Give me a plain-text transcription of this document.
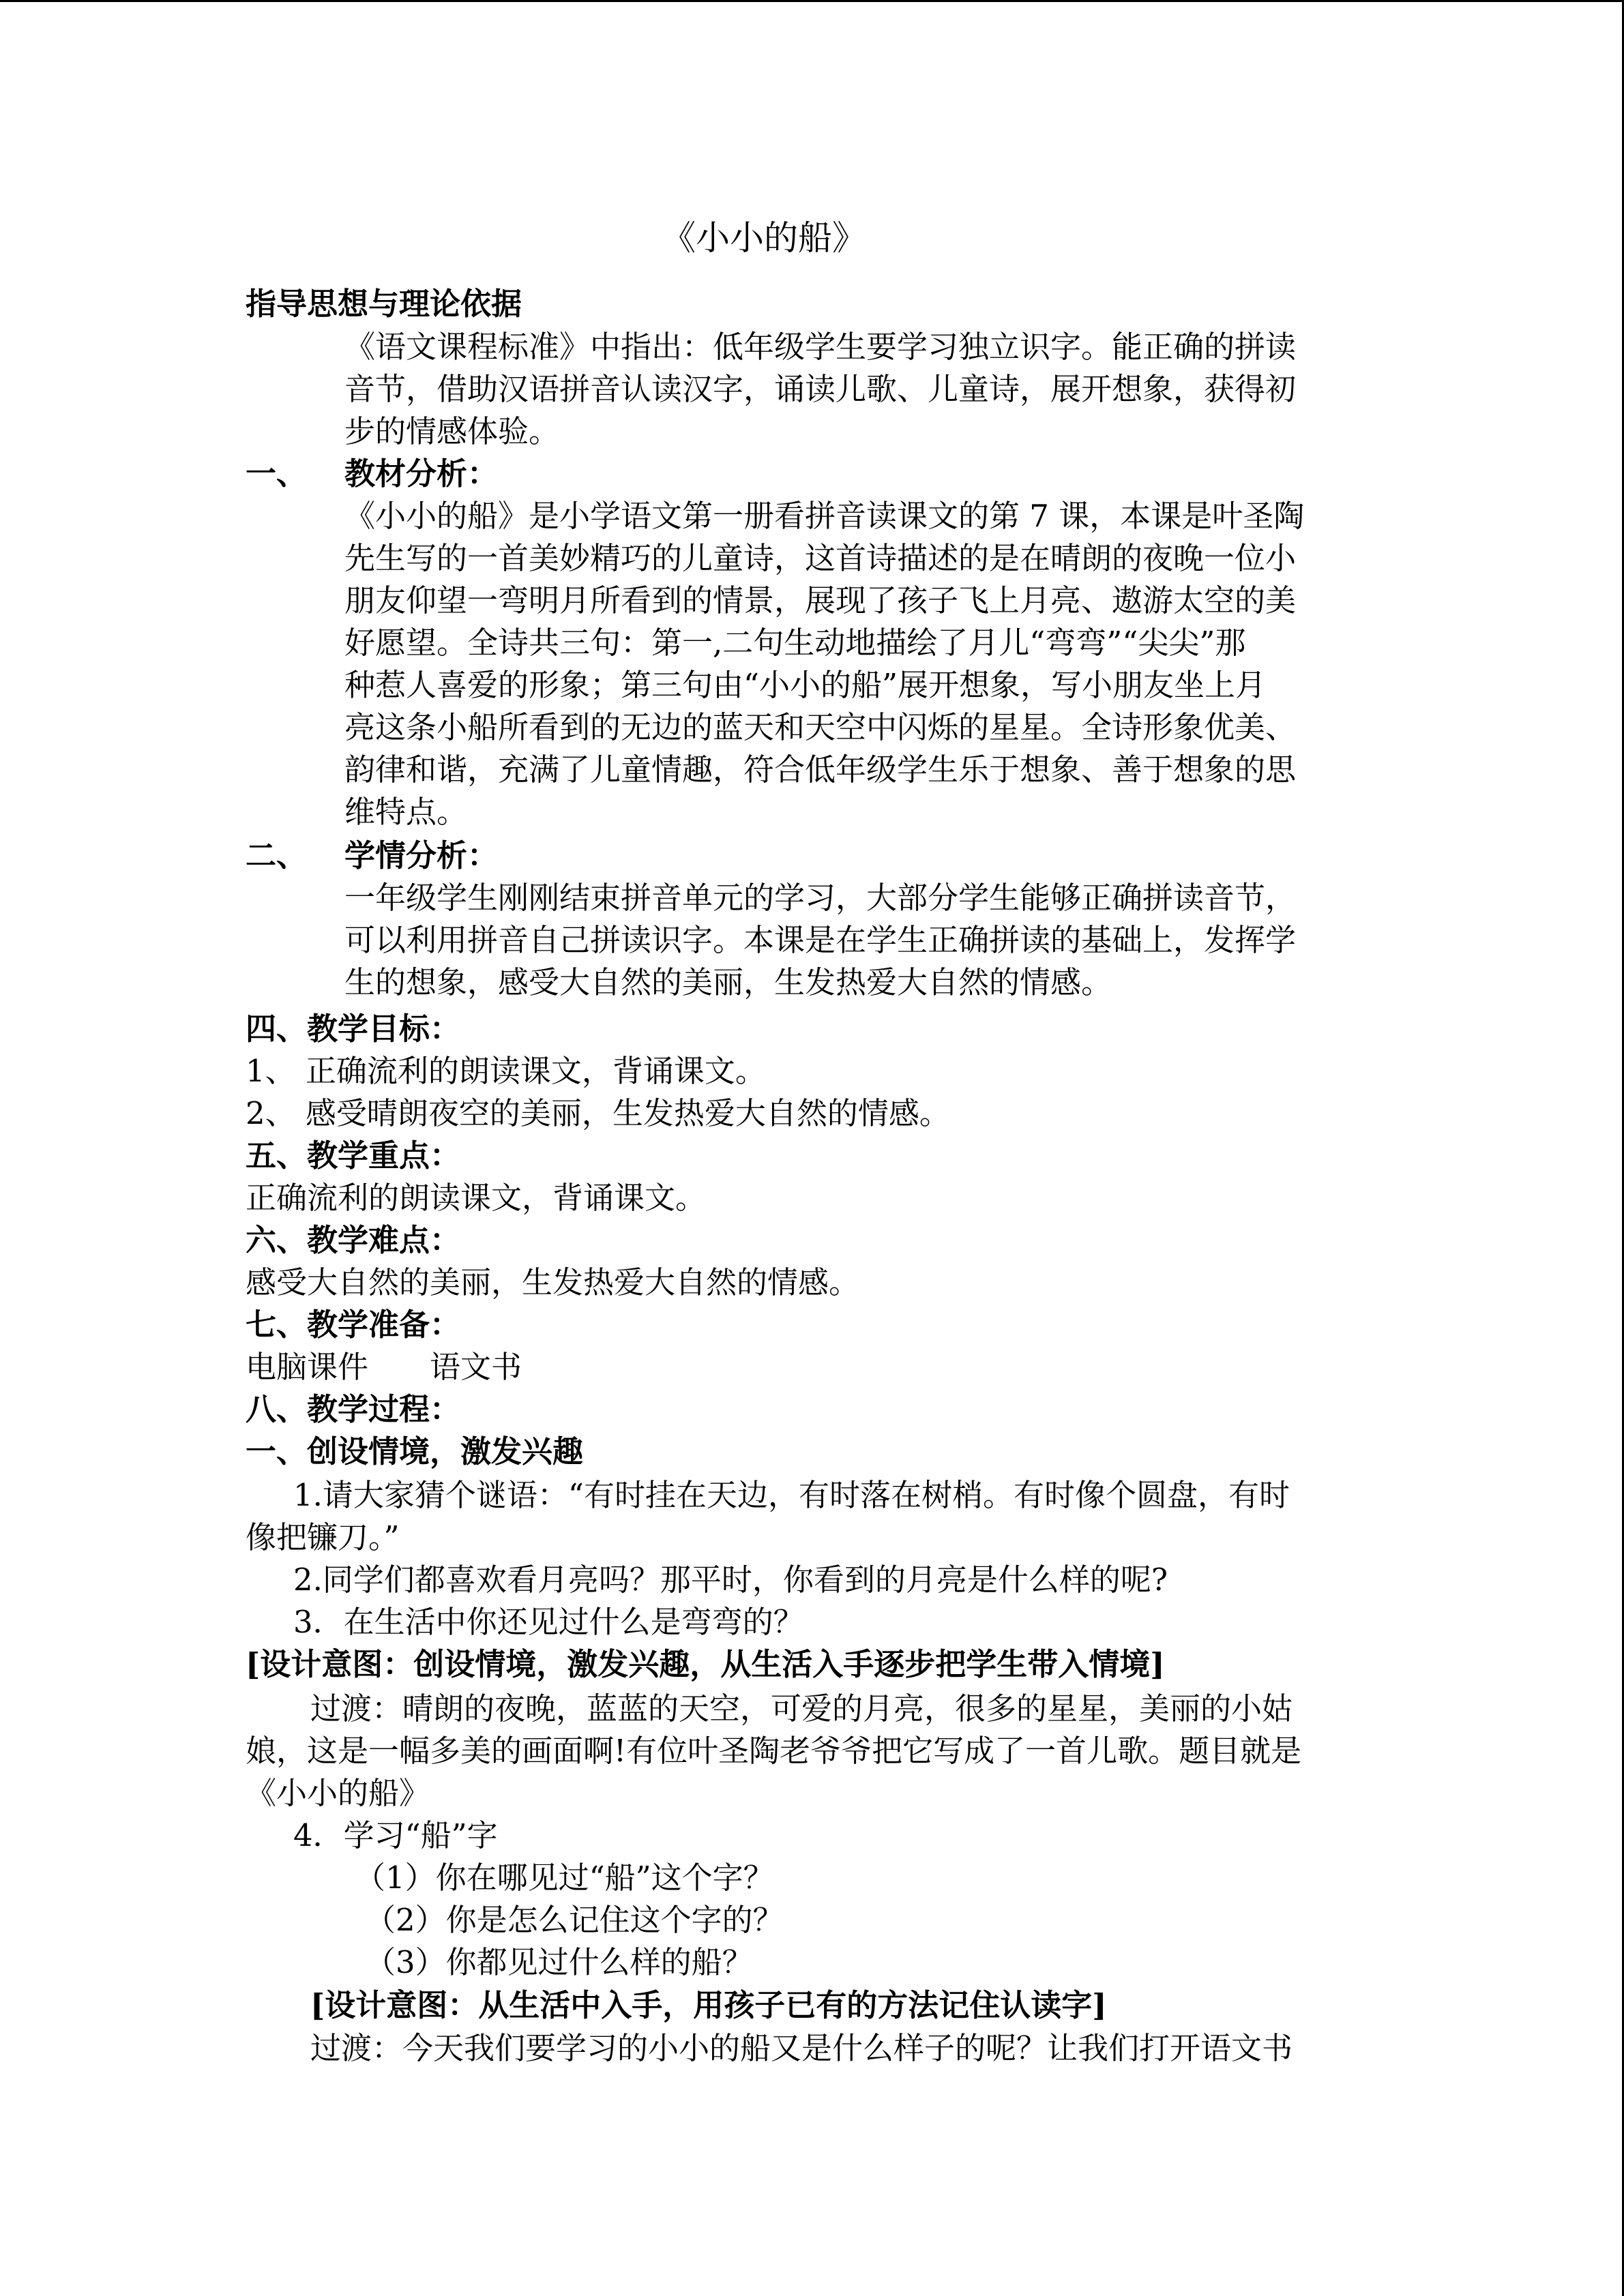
《小小的船》
指导思想与理论依据
《语文课程标准》中指出：低年级学生要学习独立识字。能正确的拼读
音节，借助汉语拼音认读汉字，诵读儿歌、儿童诗，展开想象，获得初
步的情感体验。
一、 教材分析：
《小小的船》是小学语文第一册看拼音读课文的第 7 课，本课是叶圣陶
先生写的一首美妙精巧的儿童诗，这首诗描述的是在晴朗的夜晚一位小
朋友仰望一弯明月所看到的情景，展现了孩子飞上月亮、遨游太空的美
好愿望。全诗共三句：第一,二句生动地描绘了月儿“弯弯”“尖尖”那
种惹人喜爱的形象；第三句由“小小的船”展开想象，写小朋友坐上月
亮这条小船所看到的无边的蓝天和天空中闪烁的星星。全诗形象优美、
韵律和谐，充满了儿童情趣，符合低年级学生乐于想象、善于想象的思
维特点。
二、 学情分析：
一年级学生刚刚结束拼音单元的学习，大部分学生能够正确拼读音节，
可以利用拼音自己拼读识字。本课是在学生正确拼读的基础上，发挥学
生的想象，感受大自然的美丽，生发热爱大自然的情感。
四、教学目标：
1、 正确流利的朗读课文，背诵课文。
2、 感受晴朗夜空的美丽，生发热爱大自然的情感。
五、教学重点：
正确流利的朗读课文，背诵课文。
六、教学难点：
感受大自然的美丽，生发热爱大自然的情感。
七、教学准备：
电脑课件　　语文书
八、教学过程：
一、创设情境，激发兴趣
1.请大家猜个谜语：“有时挂在天边，有时落在树梢。有时像个圆盘，有时
像把镰刀。”
2.同学们都喜欢看月亮吗？那平时，你看到的月亮是什么样的呢?
3．在生活中你还见过什么是弯弯的？
[设计意图：创设情境，激发兴趣，从生活入手逐步把学生带入情境]
过渡：晴朗的夜晚，蓝蓝的天空，可爱的月亮，很多的星星，美丽的小姑
娘，这是一幅多美的画面啊!有位叶圣陶老爷爷把它写成了一首儿歌。题目就是
《小小的船》
4．学习“船”字
（1）你在哪见过“船”这个字？
（2）你是怎么记住这个字的？
（3）你都见过什么样的船？
[设计意图：从生活中入手，用孩子已有的方法记住认读字]
过渡：今天我们要学习的小小的船又是什么样子的呢？让我们打开语文书
